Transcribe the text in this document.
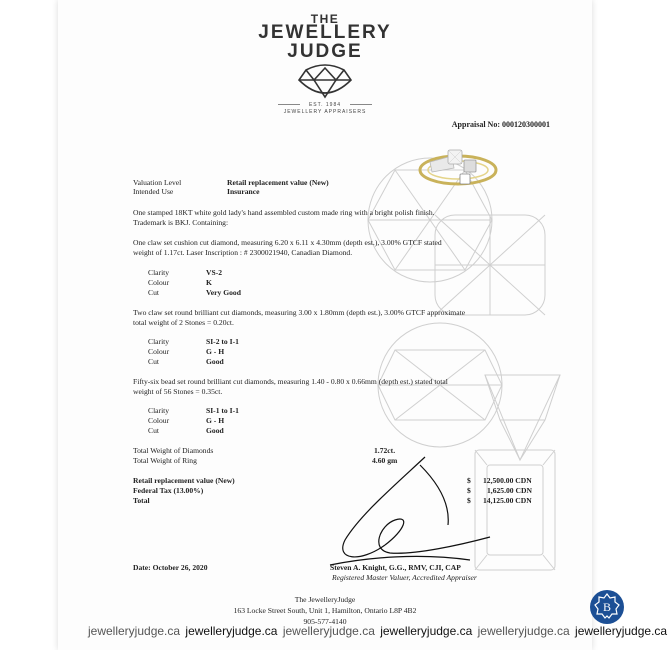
THE
JEWELLERY
JUDGE
EST. 1984
JEWELLERY APPRAISERS
Appraisal No: 000120300001
Valuation Level	Retail replacement value (New)
Intended Use	Insurance
One stamped 18KT white gold lady's hand assembled custom made ring with a bright polish finish.
Trademark is BKJ. Containing:
One claw set cushion cut diamond, measuring 6.20 x 6.11 x 4.30mm (depth est.), 3.00% GTCF stated
weight of 1.17ct. Laser Inscription : # 2300021940, Canadian Diamond.
Clarity	VS-2
Colour	K
Cut	Very Good
Two claw set round brilliant cut diamonds, measuring 3.00 x 1.80mm (depth est.), 3.00% GTCF approximate
total weight of 2 Stones = 0.20ct.
Clarity	SI-2 to I-1
Colour	G - H
Cut	Good
Fifty-six bead set round brilliant cut diamonds, measuring 1.40 - 0.80 x 0.66mm (depth est.) stated total
weight of 56 Stones = 0.35ct.
Clarity	SI-1 to I-1
Colour	G - H
Cut	Good
Total Weight of Diamonds	1.72ct.
Total Weight of Ring	4.60 gm
Retail replacement value (New)	$ 12,500.00 CDN
Federal Tax (13.00%)	$ 1,625.00 CDN
Total	$ 14,125.00 CDN
Date: October 26, 2020	Steven A. Knight, G.G., RMV, CJI, CAP
Registered Master Valuer, Accredited Appraiser
The JewelleryJudge
163 Locke Street South, Unit 1, Hamilton, Ontario L8P 4B2
905-577-4140
jewelleryjudge.ca jewelleryjudge.ca jewelleryjudge.ca jewelleryjudge.ca jewelleryjudge.ca jewelleryjudge.ca
B
